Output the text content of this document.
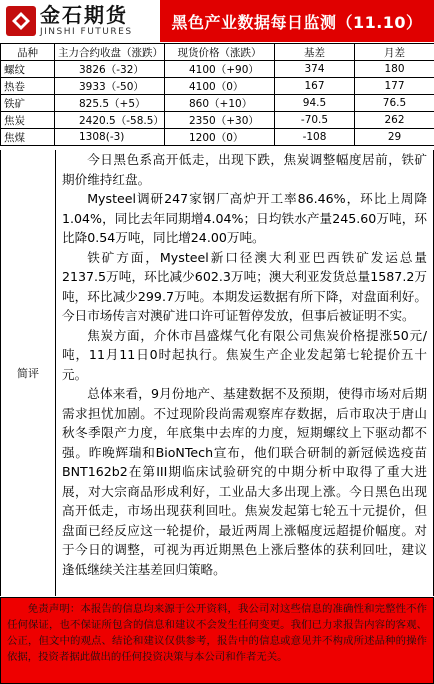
金石期货
JINSHI FUTURES
黑色产业数据每日监测（11.10）
品种	主力合约收盘（涨跌）	现货价格（涨跌）	基差	月差
螺纹	3826（-32）	4100（+90）	374	180
热卷	3933（-50）	4100（0）	167	177
铁矿	825.5（+5）	860（+10）	94.5	76.5
焦炭	2420.5（-58.5）	2350（+30）	-70.5	262
焦煤	1308(-3)	1200（0）	-108	29
简评

今日黑色系高开低走，出现下跌，焦炭调整幅度居前，铁矿期价维持红盘。

Mysteel调研247家钢厂高炉开工率86.46%，环比上周降1.04%，同比去年同期增4.04%；日均铁水产量245.60万吨，环比降0.54万吨，同比增24.00万吨。

铁矿方面，Mysteel新口径澳大利亚巴西铁矿发运总量2137.5万吨，环比减少602.3万吨；澳大利亚发货总量1587.2万吨，环比减少299.7万吨。本期发运数据有所下降，对盘面利好。今日市场传言对澳矿进口许可证暂停发放，但事后被证明不实。

焦炭方面，介休市昌盛煤气化有限公司焦炭价格提涨50元/吨，11月11日0时起执行。焦炭生产企业发起第七轮提价五十元。

总体来看，9月份地产、基建数据不及预期，使得市场对后期需求担忧加剧。不过现阶段尚需观察库存数据，后市取决于唐山秋冬季限产力度，年底集中去库的力度，短期螺纹上下驱动都不强。昨晚辉瑞和BioNTech宣布，他们联合研制的新冠候选疫苗BNT162b2在第III期临床试验研究的中期分析中取得了重大进展，对大宗商品形成利好，工业品大多出现上涨。今日黑色出现高开低走，市场出现获利回吐。焦炭发起第七轮五十元提价，但盘面已经反应这一轮提价，最近两周上涨幅度远超提价幅度。对于今日的调整，可视为再近期黑色上涨后整体的获利回吐，建议逢低继续关注基差回归策略。

免责声明：本报告的信息均来源于公开资料，我公司对这些信息的准确性和完整性不作任何保证，也不保证所包含的信息和建议不会发生任何变更。我们已力求报告内容的客观、公正，但文中的观点、结论和建议仅供参考，报告中的信息或意见并不构成所述品种的操作依据，投资者据此做出的任何投资决策与本公司和作者无关。
